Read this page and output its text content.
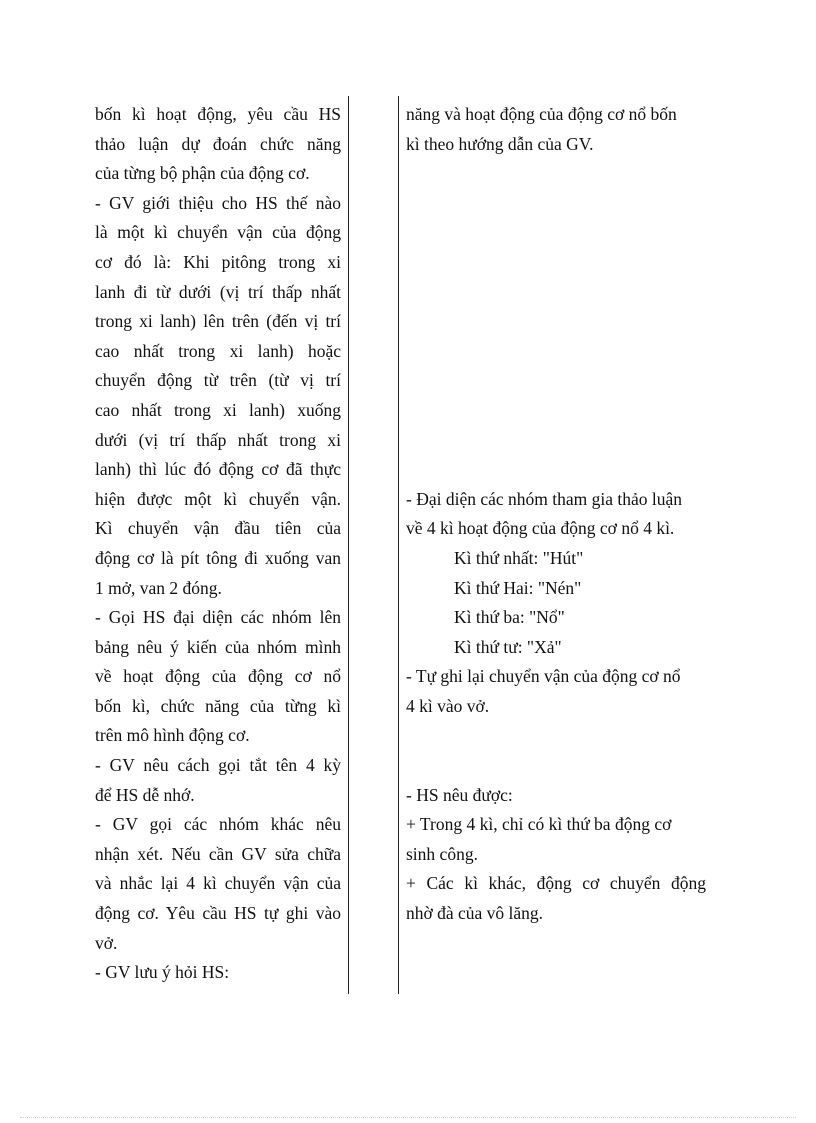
bốn kì hoạt động, yêu cầu HS
thảo luận dự đoán chức năng
của từng bộ phận của động cơ.
- GV giới thiệu cho HS thế nào
là một kì chuyển vận của động
cơ đó là: Khi pitông trong xi
lanh đi từ dưới (vị trí thấp nhất
trong xi lanh) lên trên (đến vị trí
cao nhất trong xi lanh) hoặc
chuyển động từ trên (từ vị trí
cao nhất trong xi lanh) xuống
dưới (vị trí thấp nhất trong xi
lanh) thì lúc đó động cơ đã thực
hiện được một kì chuyển vận.
Kì chuyển vận đầu tiên của
động cơ là pít tông đi xuống van
1 mở, van 2 đóng.
- Gọi HS đại diện các nhóm lên
bảng nêu ý kiến của nhóm mình
về hoạt động của động cơ nổ
bốn kì, chức năng của từng kì
trên mô hình động cơ.
- GV nêu cách gọi tắt tên 4 kỳ
để HS dễ nhớ.
- GV gọi các nhóm khác nêu
nhận xét. Nếu cần GV sửa chữa
và nhắc lại 4 kì chuyển vận của
động cơ. Yêu cầu HS tự ghi vào
vở.
- GV lưu ý hỏi HS:
năng và hoạt động của động cơ nổ bốn
kì theo hướng dẫn của GV.
- Đại diện các nhóm tham gia thảo luận
về 4 kì hoạt động của động cơ nổ 4 kì.
Kì thứ nhất: "Hút"
Kì thứ Hai: "Nén"
Kì thứ ba: "Nổ"
Kì thứ tư: "Xả"
- Tự ghi lại chuyển vận của động cơ nổ
4 kì vào vở.
- HS nêu được:
+ Trong 4 kì, chỉ có kì thứ ba động cơ
sinh công.
+ Các kì khác, động cơ chuyển động
nhờ đà của vô lăng.
